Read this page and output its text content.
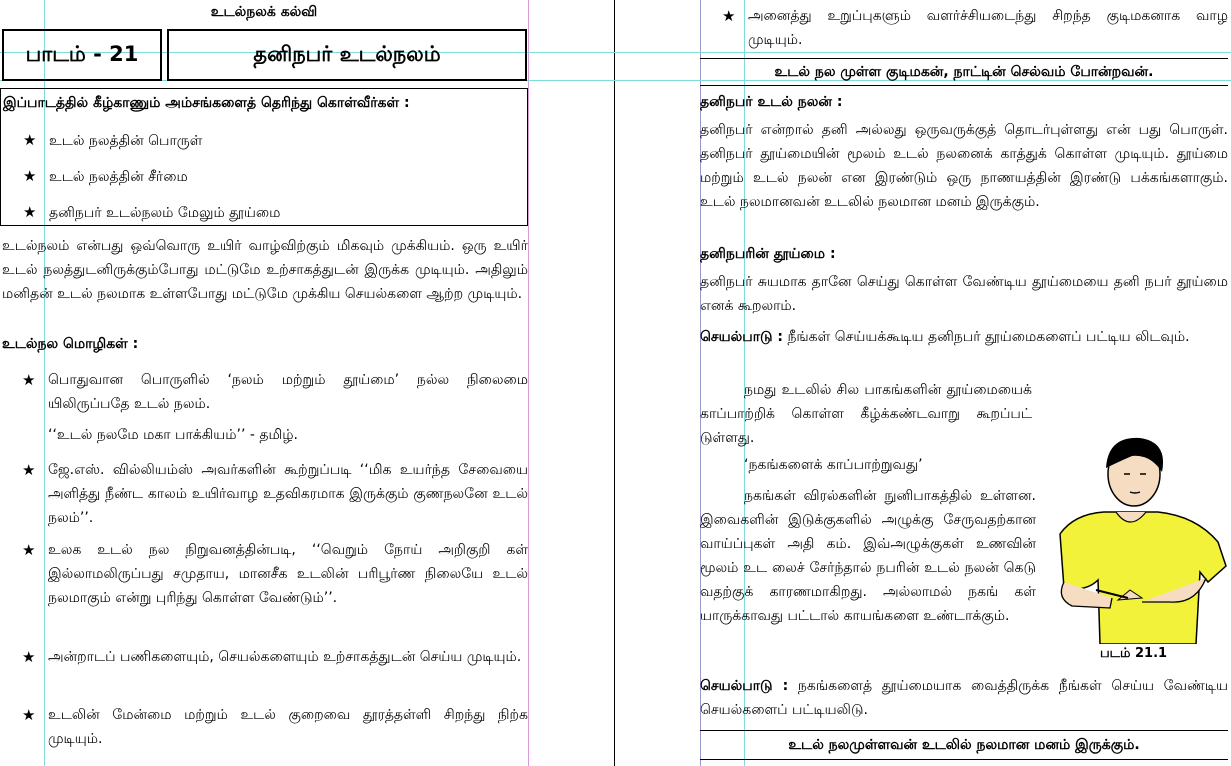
உடல்நலக் கல்வி
பாடம் - 21	தனிநபர் உடல்நலம்
இப்பாடத்தில் கீழ்காணும் அம்சங்களைத் தெரிந்து கொள்வீர்கள் :
★ உடல் நலத்தின் பொருள்
★ உடல் நலத்தின் சீர்மை
★ தனிநபர் உடல்நலம் மேலும் தூய்மை
உடல்நலம் என்பது ஒவ்வொரு உயிர் வாழ்விற்கும் மிகவும் முக்கியம். ஒரு உயிர் உடல் நலத்துடனிருக்கும்போது மட்டுமே உற்சாகத்துடன் இருக்க முடியும். அதிலும் மனிதன் உடல் நலமாக உள்ளபோது மட்டுமே முக்கிய செயல்களை ஆற்ற முடியும்.
உடல்நல மொழிகள் :
★ பொதுவான பொருளில் ‘நலம் மற்றும் தூய்மை’ நல்ல நிலைமை யிலிருப்பதே உடல் நலம்.
‘‘உடல் நலமே மகா பாக்கியம்’’ - தமிழ்.
★ ஜே.எஸ். வில்லியம்ஸ் அவர்களின் கூற்றுப்படி ‘‘மிக உயர்ந்த சேவையை அளித்து நீண்ட காலம் உயிர்வாழ உதவிகரமாக இருக்கும் குணநலனே உடல் நலம்’’.
★ உலக உடல் நல நிறுவனத்தின்படி, ‘‘வெறும் நோய் அறிகுறி கள் இல்லாமலிருப்பது சமுதாய, மானசீக உடலின் பரிபூர்ண நிலையே உடல் நலமாகும் என்று புரிந்து கொள்ள வேண்டும்’’.
★ அன்றாடப் பணிகளையும், செயல்களையும் உற்சாகத்துடன் செய்ய முடியும்.
★ உடலின் மேன்மை மற்றும் உடல் குறைவை தூரத்தள்ளி சிறந்து நிற்க முடியும்.
★ அனைத்து உறுப்புகளும் வளர்ச்சியடைந்து சிறந்த குடிமகனாக வாழ முடியும்.
உடல் நல முள்ள குடிமகன், நாட்டின் செல்வம் போன்றவன்.
தனிநபர் உடல் நலன் :
தனிநபர் என்றால் தனி அல்லது ஒருவருக்குத் தொடர்புள்ளது என் பது பொருள். தனிநபர் தூய்மையின் மூலம் உடல் நலனைக் காத்துக் கொள்ள முடியும். தூய்மை மற்றும் உடல் நலன் என இரண்டும் ஒரு நாணயத்தின் இரண்டு பக்கங்களாகும். உடல் நலமானவன் உடலில் நலமான மனம் இருக்கும்.
தனிநபரின் தூய்மை :
தனிநபர் சுயமாக தானே செய்து கொள்ள வேண்டிய தூய்மையை தனி நபர் தூய்மை எனக் கூறலாம்.
செயல்பாடு : நீங்கள் செய்யக்கூடிய தனிநபர் தூய்மைகளைப் பட்டிய லிடவும்.
நமது உடலில் சில பாகங்களின் தூய்மையைக் காப்பாற்றிக் கொள்ள கீழ்க்கண்டவாறு கூறப்பட் டுள்ளது.
‘நகங்களைக் காப்பாற்றுவது’
நகங்கள் விரல்களின் நுனிபாகத்தில் உள்ளன. இவைகளின் இடுக்குகளில் அழுக்கு சேருவதற்கான வாய்ப்புகள் அதி கம். இவ்அழுக்குகள் உணவின் மூலம் உட லைச் சேர்ந்தால் நபரின் உடல் நலன் கெடு வதற்குக் காரணமாகிறது. அல்லாமல் நகங் கள் யாருக்காவது பட்டால் காயங்களை உண்டாக்கும்.
படம் 21.1
செயல்பாடு : நகங்களைத் தூய்மையாக வைத்திருக்க நீங்கள் செய்ய வேண்டிய செயல்களைப் பட்டியலிடு.
உடல் நலமுள்ளவன் உடலில் நலமான மனம் இருக்கும்.
